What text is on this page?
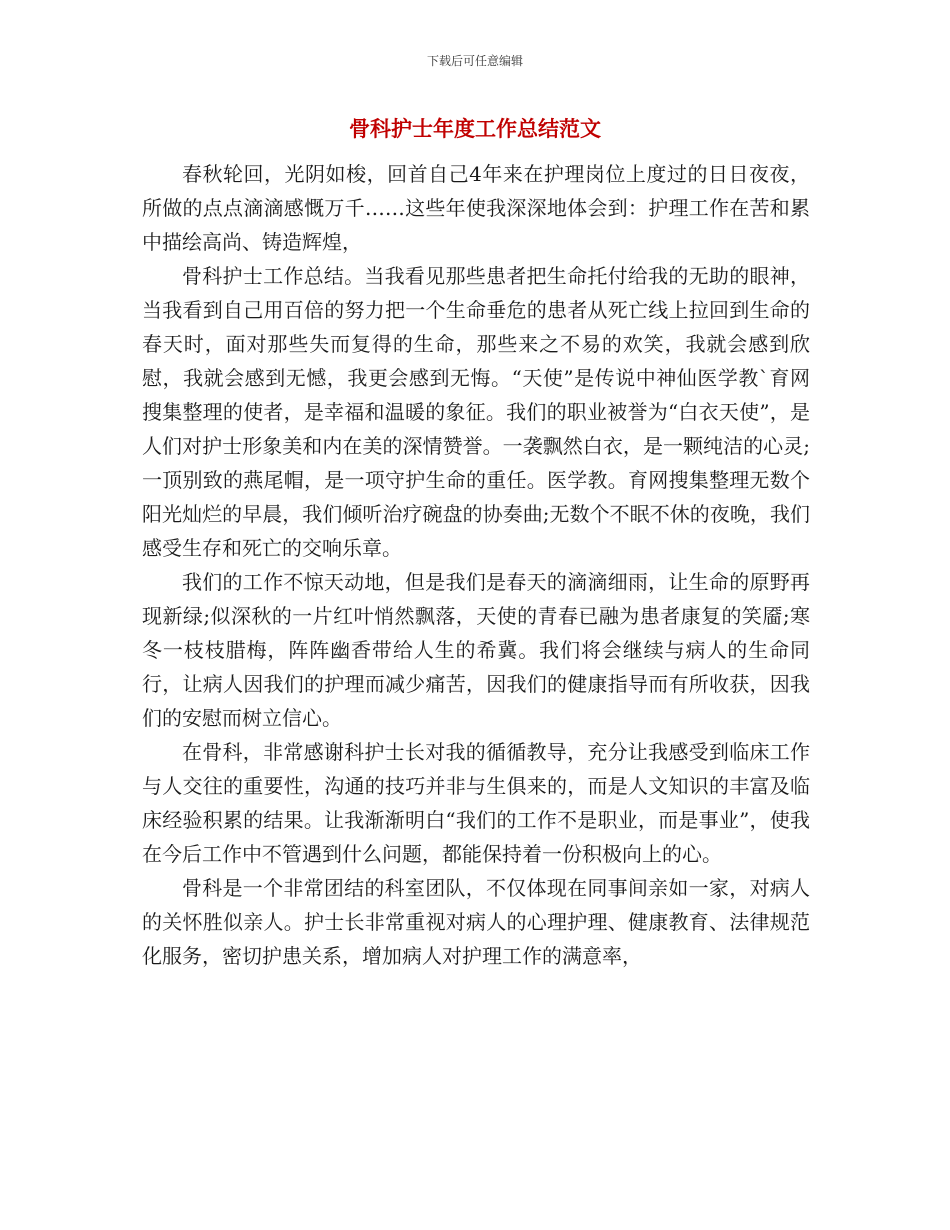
下载后可任意编辑
骨科护士年度工作总结范文

春秋轮回，光阴如梭，回首自己4年来在护理岗位上度过的日日夜夜，所做的点点滴滴感慨万千……这些年使我深深地体会到：护理工作在苦和累中描绘高尚、铸造辉煌，

骨科护士工作总结。当我看见那些患者把生命托付给我的无助的眼神，当我看到自己用百倍的努力把一个生命垂危的患者从死亡线上拉回到生命的春天时，面对那些失而复得的生命，那些来之不易的欢笑，我就会感到欣慰，我就会感到无憾，我更会感到无悔。“天使”是传说中神仙医学教`育网搜集整理的使者，是幸福和温暖的象征。我们的职业被誉为“白衣天使”，是人们对护士形象美和内在美的深情赞誉。一袭飘然白衣，是一颗纯洁的心灵;一顶别致的燕尾帽，是一项守护生命的重任。医学教。育网搜集整理无数个阳光灿烂的早晨，我们倾听治疗碗盘的协奏曲;无数个不眠不休的夜晚，我们感受生存和死亡的交响乐章。

我们的工作不惊天动地，但是我们是春天的滴滴细雨，让生命的原野再现新绿;似深秋的一片红叶悄然飘落，天使的青春已融为患者康复的笑靥;寒冬一枝枝腊梅，阵阵幽香带给人生的希冀。我们将会继续与病人的生命同行，让病人因我们的护理而减少痛苦，因我们的健康指导而有所收获，因我们的安慰而树立信心。

在骨科，非常感谢科护士长对我的循循教导，充分让我感受到临床工作与人交往的重要性，沟通的技巧并非与生俱来的，而是人文知识的丰富及临床经验积累的结果。让我渐渐明白“我们的工作不是职业，而是事业”，使我在今后工作中不管遇到什么问题，都能保持着一份积极向上的心。

骨科是一个非常团结的科室团队，不仅体现在同事间亲如一家，对病人的关怀胜似亲人。护士长非常重视对病人的心理护理、健康教育、法律规范化服务，密切护患关系，增加病人对护理工作的满意率，
